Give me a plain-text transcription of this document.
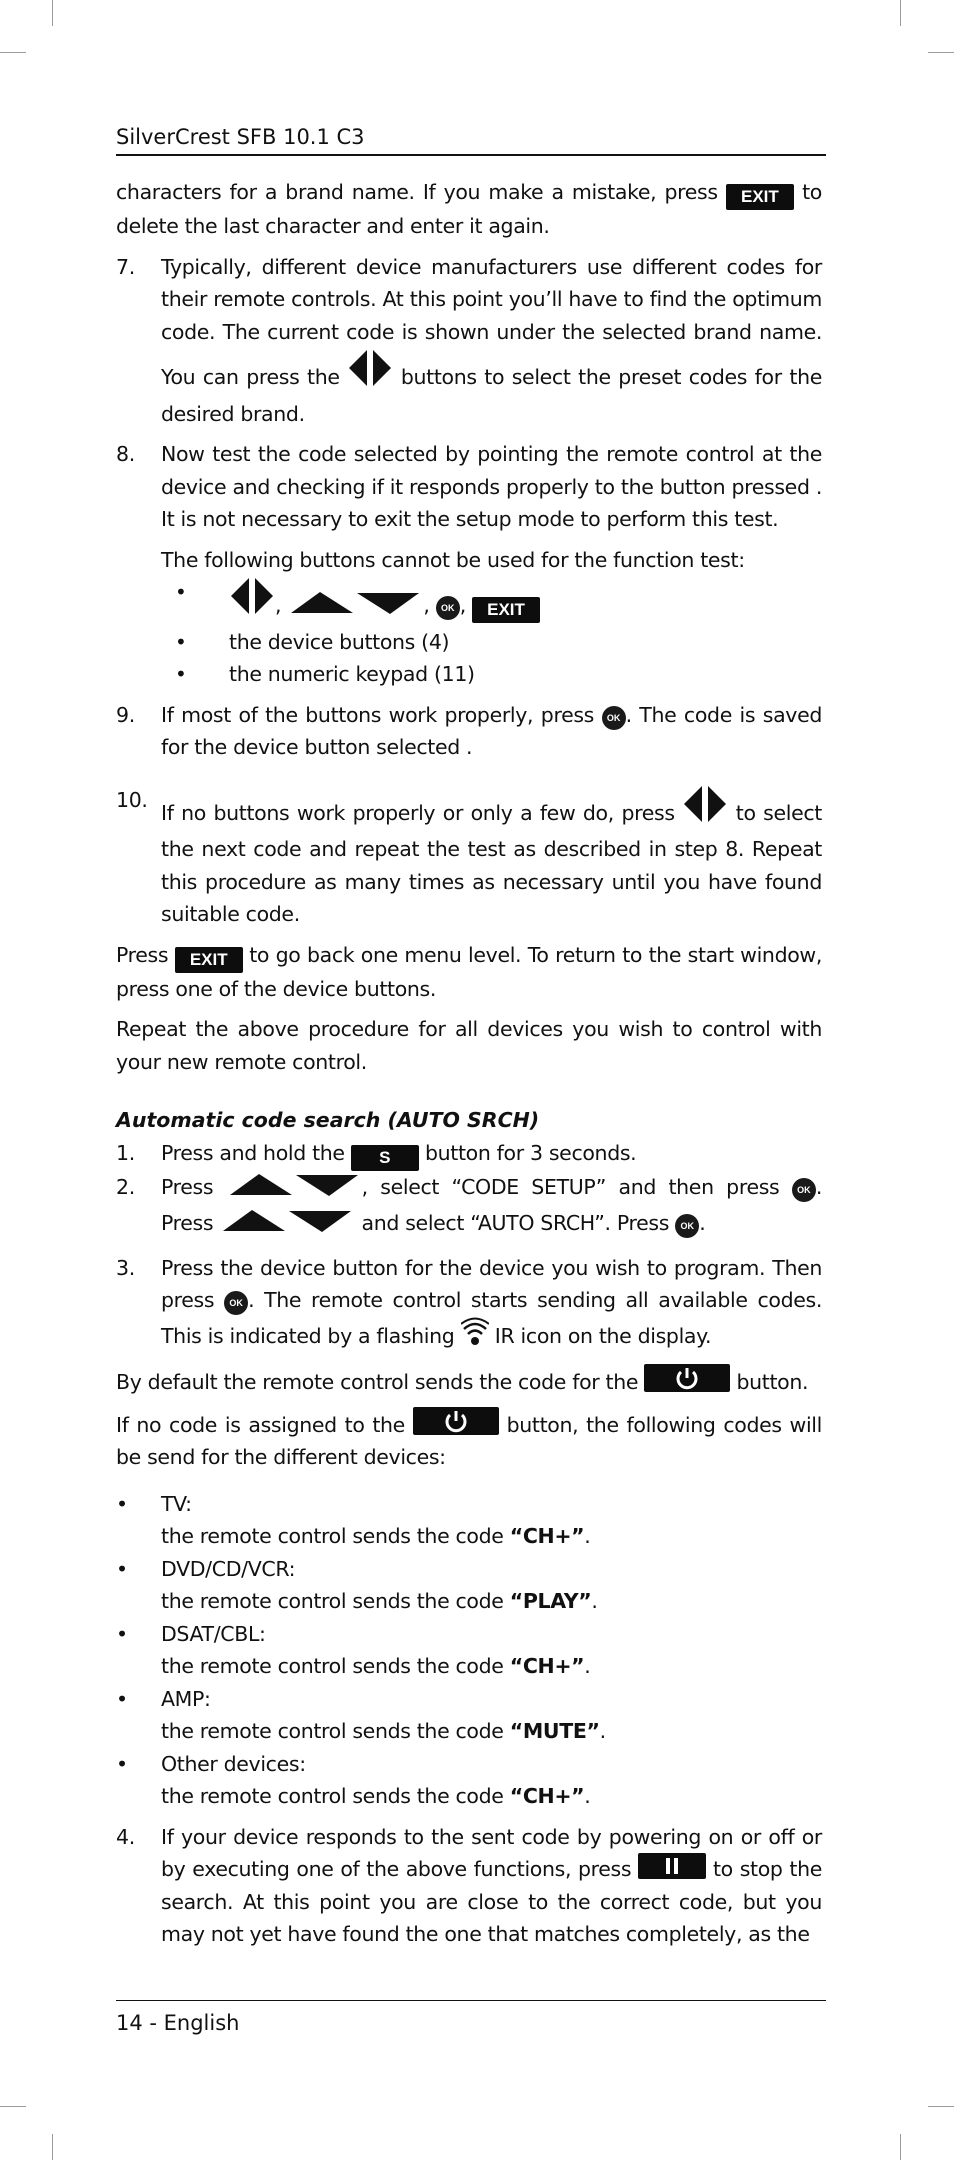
SilverCrest SFB 10.1 C3

characters for a brand name. If you make a mistake, press EXIT to delete the last character and enter it again.

7. Typically, different device manufacturers use different codes for their remote controls. At this point you’ll have to find the optimum code. The current code is shown under the selected brand name. You can press the	buttons to select the preset codes for the desired brand.
8. Now test the code selected by pointing the remote control at the device and checking if it responds properly to the button pressed . It is not necessary to exit the setup mode to perform this test.

The following buttons cannot be used for the function test:

•
,	, OK , EXIT
• the device buttons (4)
• the numeric keypad (11)
9. If most of the buttons work properly, press OK . The code is saved for the device button selected .
10.
If no buttons work properly or only a few do, press	to select the next code and repeat the test as described in step 8. Repeat this procedure as many times as necessary until you have found suitable code.

Press EXIT to go back one menu level. To return to the start window, press one of the device buttons.

Repeat the above procedure for all devices you wish to control with your new remote control.

Automatic code search (AUTO SRCH)
1. Press and hold the S button for 3 seconds.
2. Press	, select “CODE SETUP” and then press OK . Press	and select “AUTO SRCH”. Press OK .
3. Press the device button for the device you wish to program. Then press OK . The remote control starts sending all available codes. This is indicated by a flashing IR icon on the display.

By default the remote control sends the code for the	button.

If no code is assigned to the	button, the following codes will be send for the different devices:

• TV:
the remote control sends the code “CH+”.
• DVD/CD/VCR:
the remote control sends the code “PLAY”.
• DSAT/CBL:
the remote control sends the code “CH+”.
• AMP:
the remote control sends the code “MUTE”.
• Other devices:
the remote control sends the code “CH+”.
4. If your device responds to the sent code by powering on or off or by executing one of the above functions, press	to stop the search. At this point you are close to the correct code, but you may not yet have found the one that matches completely, as the
14 - English
